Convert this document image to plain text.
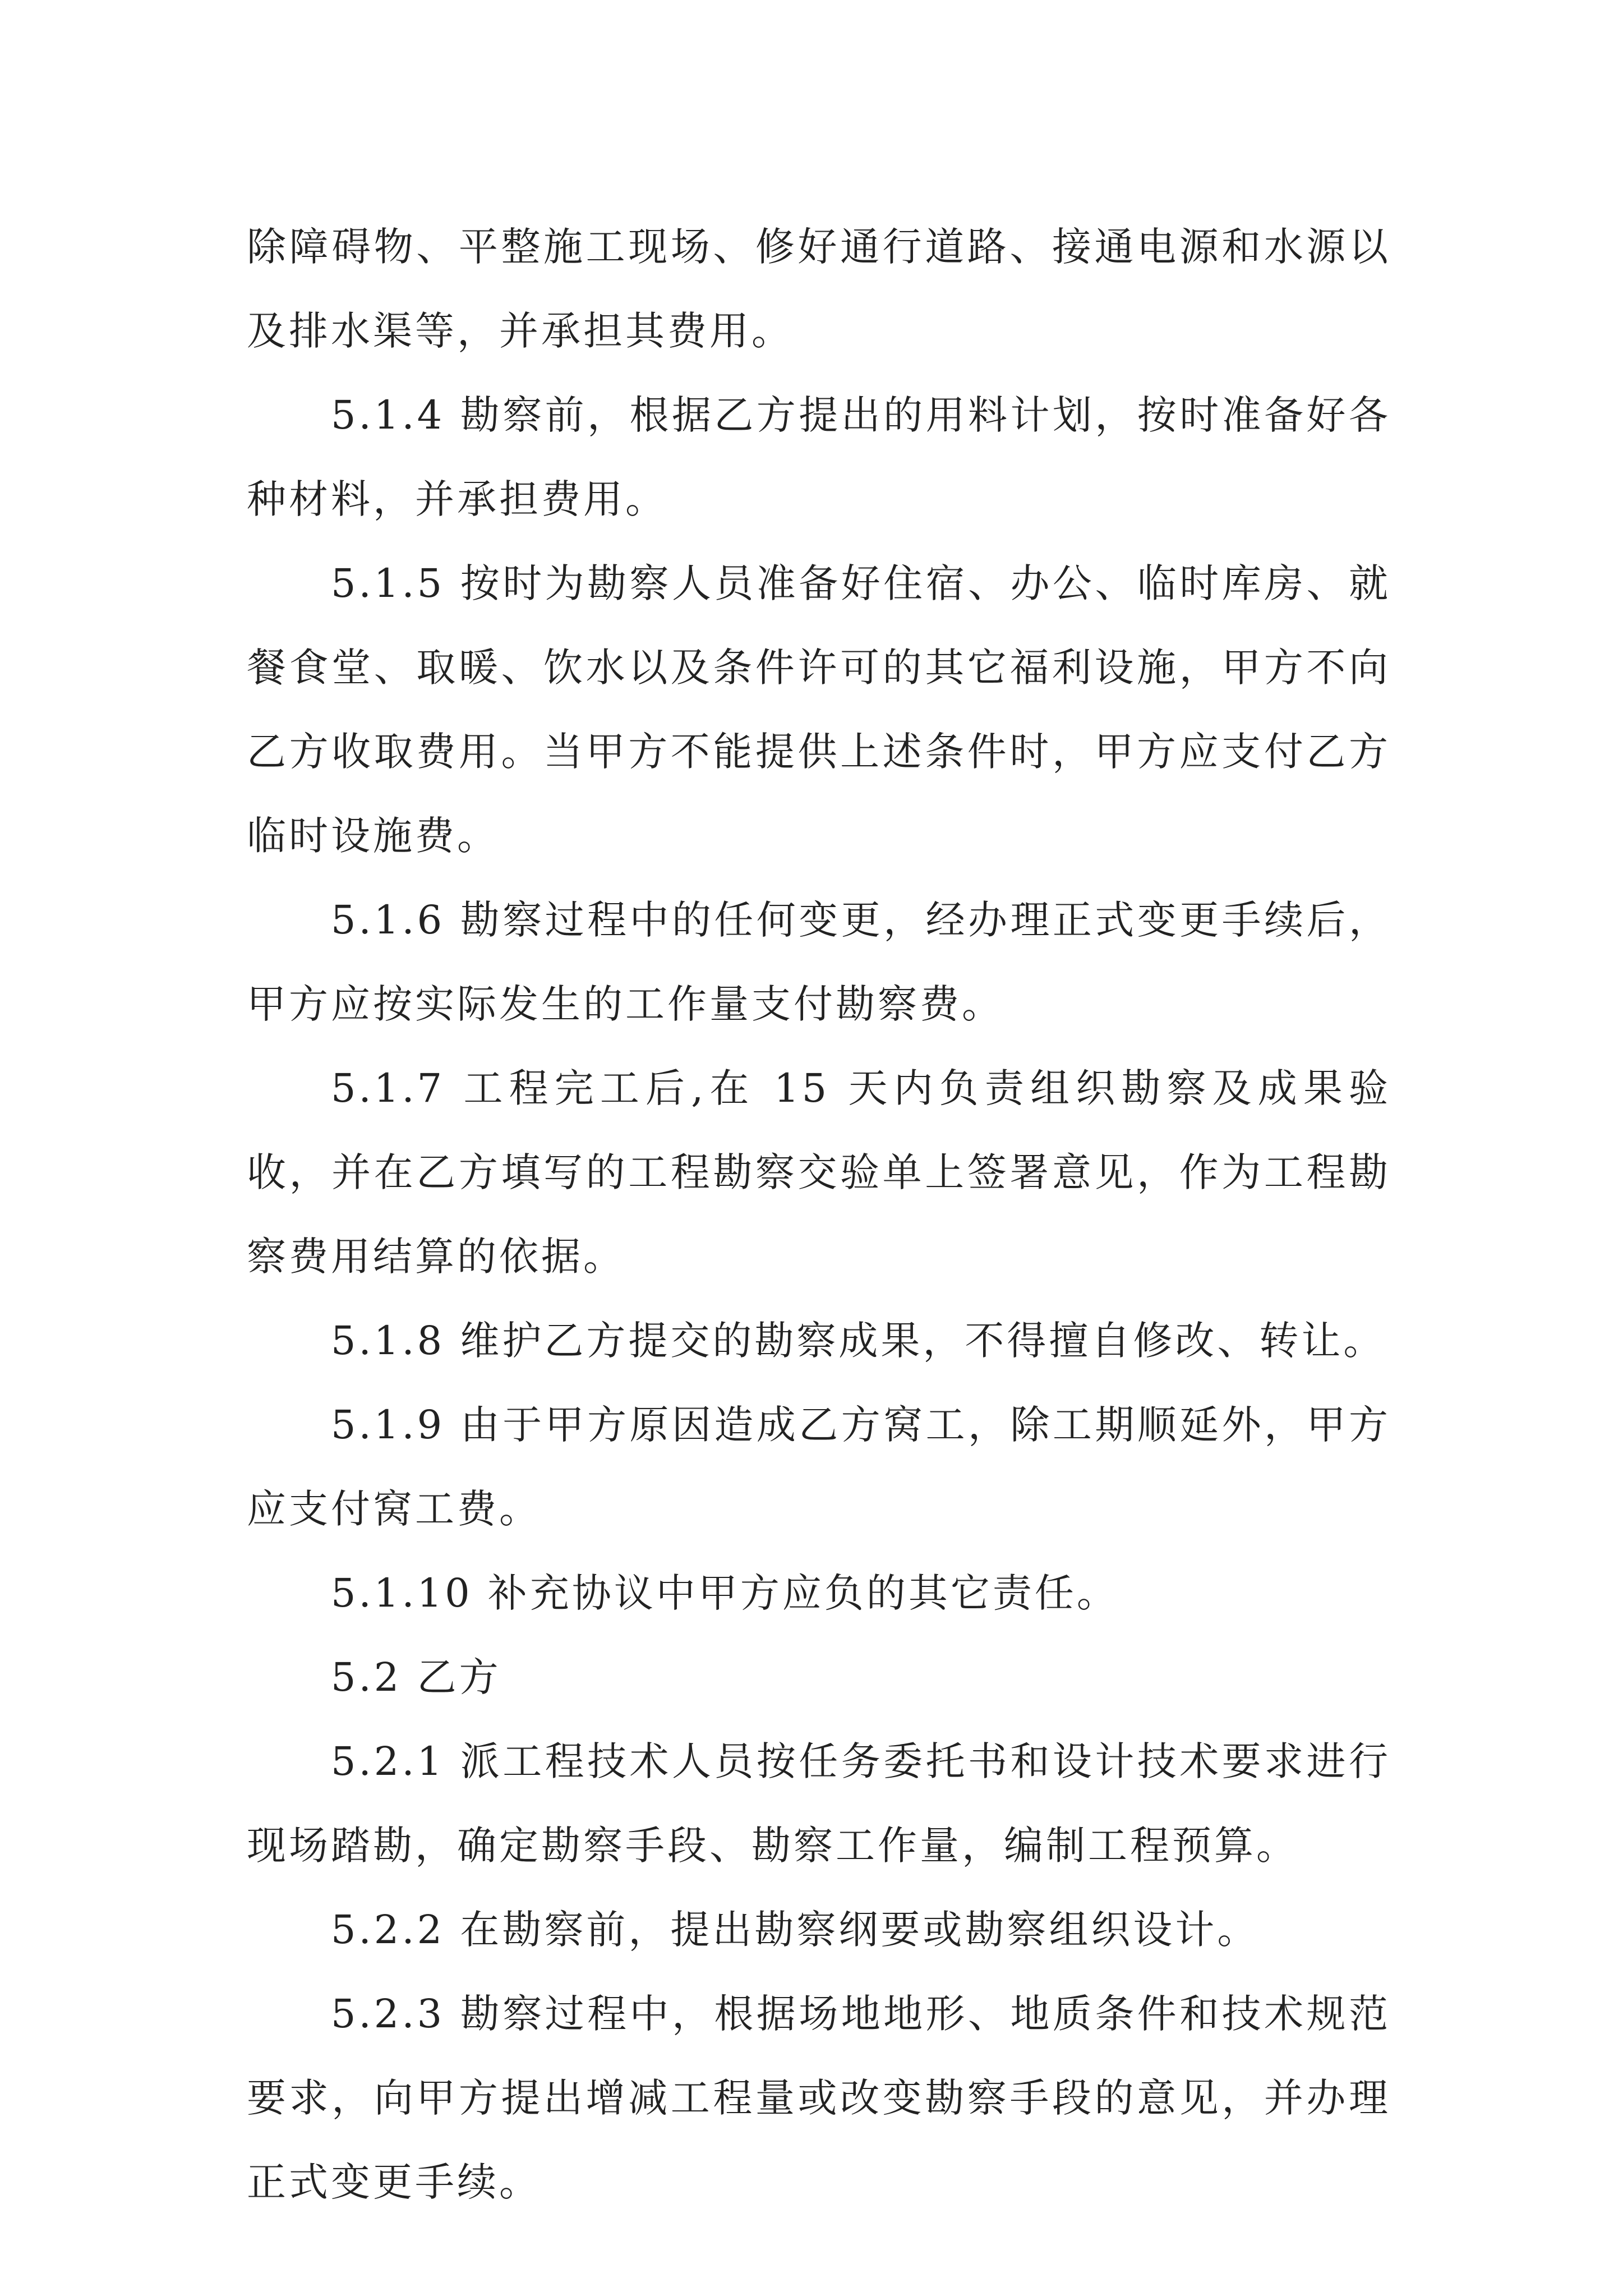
除障碍物、平整施工现场、修好通行道路、接通电源和水源以及排水渠等，并承担其费用。

5.1.4 勘察前，根据乙方提出的用料计划，按时准备好各种材料，并承担费用。

5.1.5 按时为勘察人员准备好住宿、办公、临时库房、就餐食堂、取暖、饮水以及条件许可的其它福利设施，甲方不向乙方收取费用。当甲方不能提供上述条件时，甲方应支付乙方临时设施费。

5.1.6 勘察过程中的任何变更，经办理正式变更手续后，甲方应按实际发生的工作量支付勘察费。

5.1.7 工程完工后,在 15 天内负责组织勘察及成果验收，并在乙方填写的工程勘察交验单上签署意见，作为工程勘察费用结算的依据。

5.1.8 维护乙方提交的勘察成果，不得擅自修改、转让。

5.1.9 由于甲方原因造成乙方窝工，除工期顺延外，甲方应支付窝工费。

5.1.10 补充协议中甲方应负的其它责任。

5.2 乙方

5.2.1 派工程技术人员按任务委托书和设计技术要求进行现场踏勘，确定勘察手段、勘察工作量，编制工程预算。

5.2.2 在勘察前，提出勘察纲要或勘察组织设计。

5.2.3 勘察过程中，根据场地地形、地质条件和技术规范要求，向甲方提出增减工程量或改变勘察手段的意见，并办理正式变更手续。
